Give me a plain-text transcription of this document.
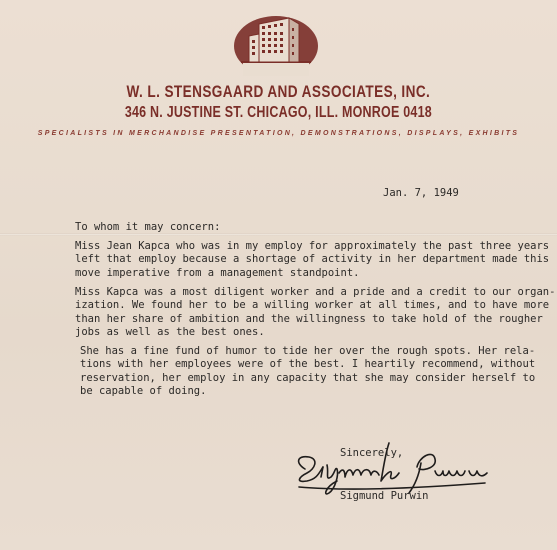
W. L. STENSGAARD AND ASSOCIATES, INC.
346 N. JUSTINE ST. CHICAGO, ILL. MONROE 0418
SPECIALISTS IN MERCHANDISE PRESENTATION, DEMONSTRATIONS, DISPLAYS, EXHIBITS
Jan. 7, 1949
To whom it may concern:
Miss Jean Kapca who was in my employ for approximately the past three years
left that employ because a shortage of activity in her department made this
move imperative from a management standpoint.
Miss Kapca was a most diligent worker and a pride and a credit to our organ-
ization. We found her to be a willing worker at all times, and to have more
than her share of ambition and the willingness to take hold of the rougher
jobs as well as the best ones.
She has a fine fund of humor to tide her over the rough spots. Her rela-
tions with her employees were of the best. I heartily recommend, without
reservation, her employ in any capacity that she may consider herself to
be capable of doing.
Sincerely,
Sigmund Purwin
